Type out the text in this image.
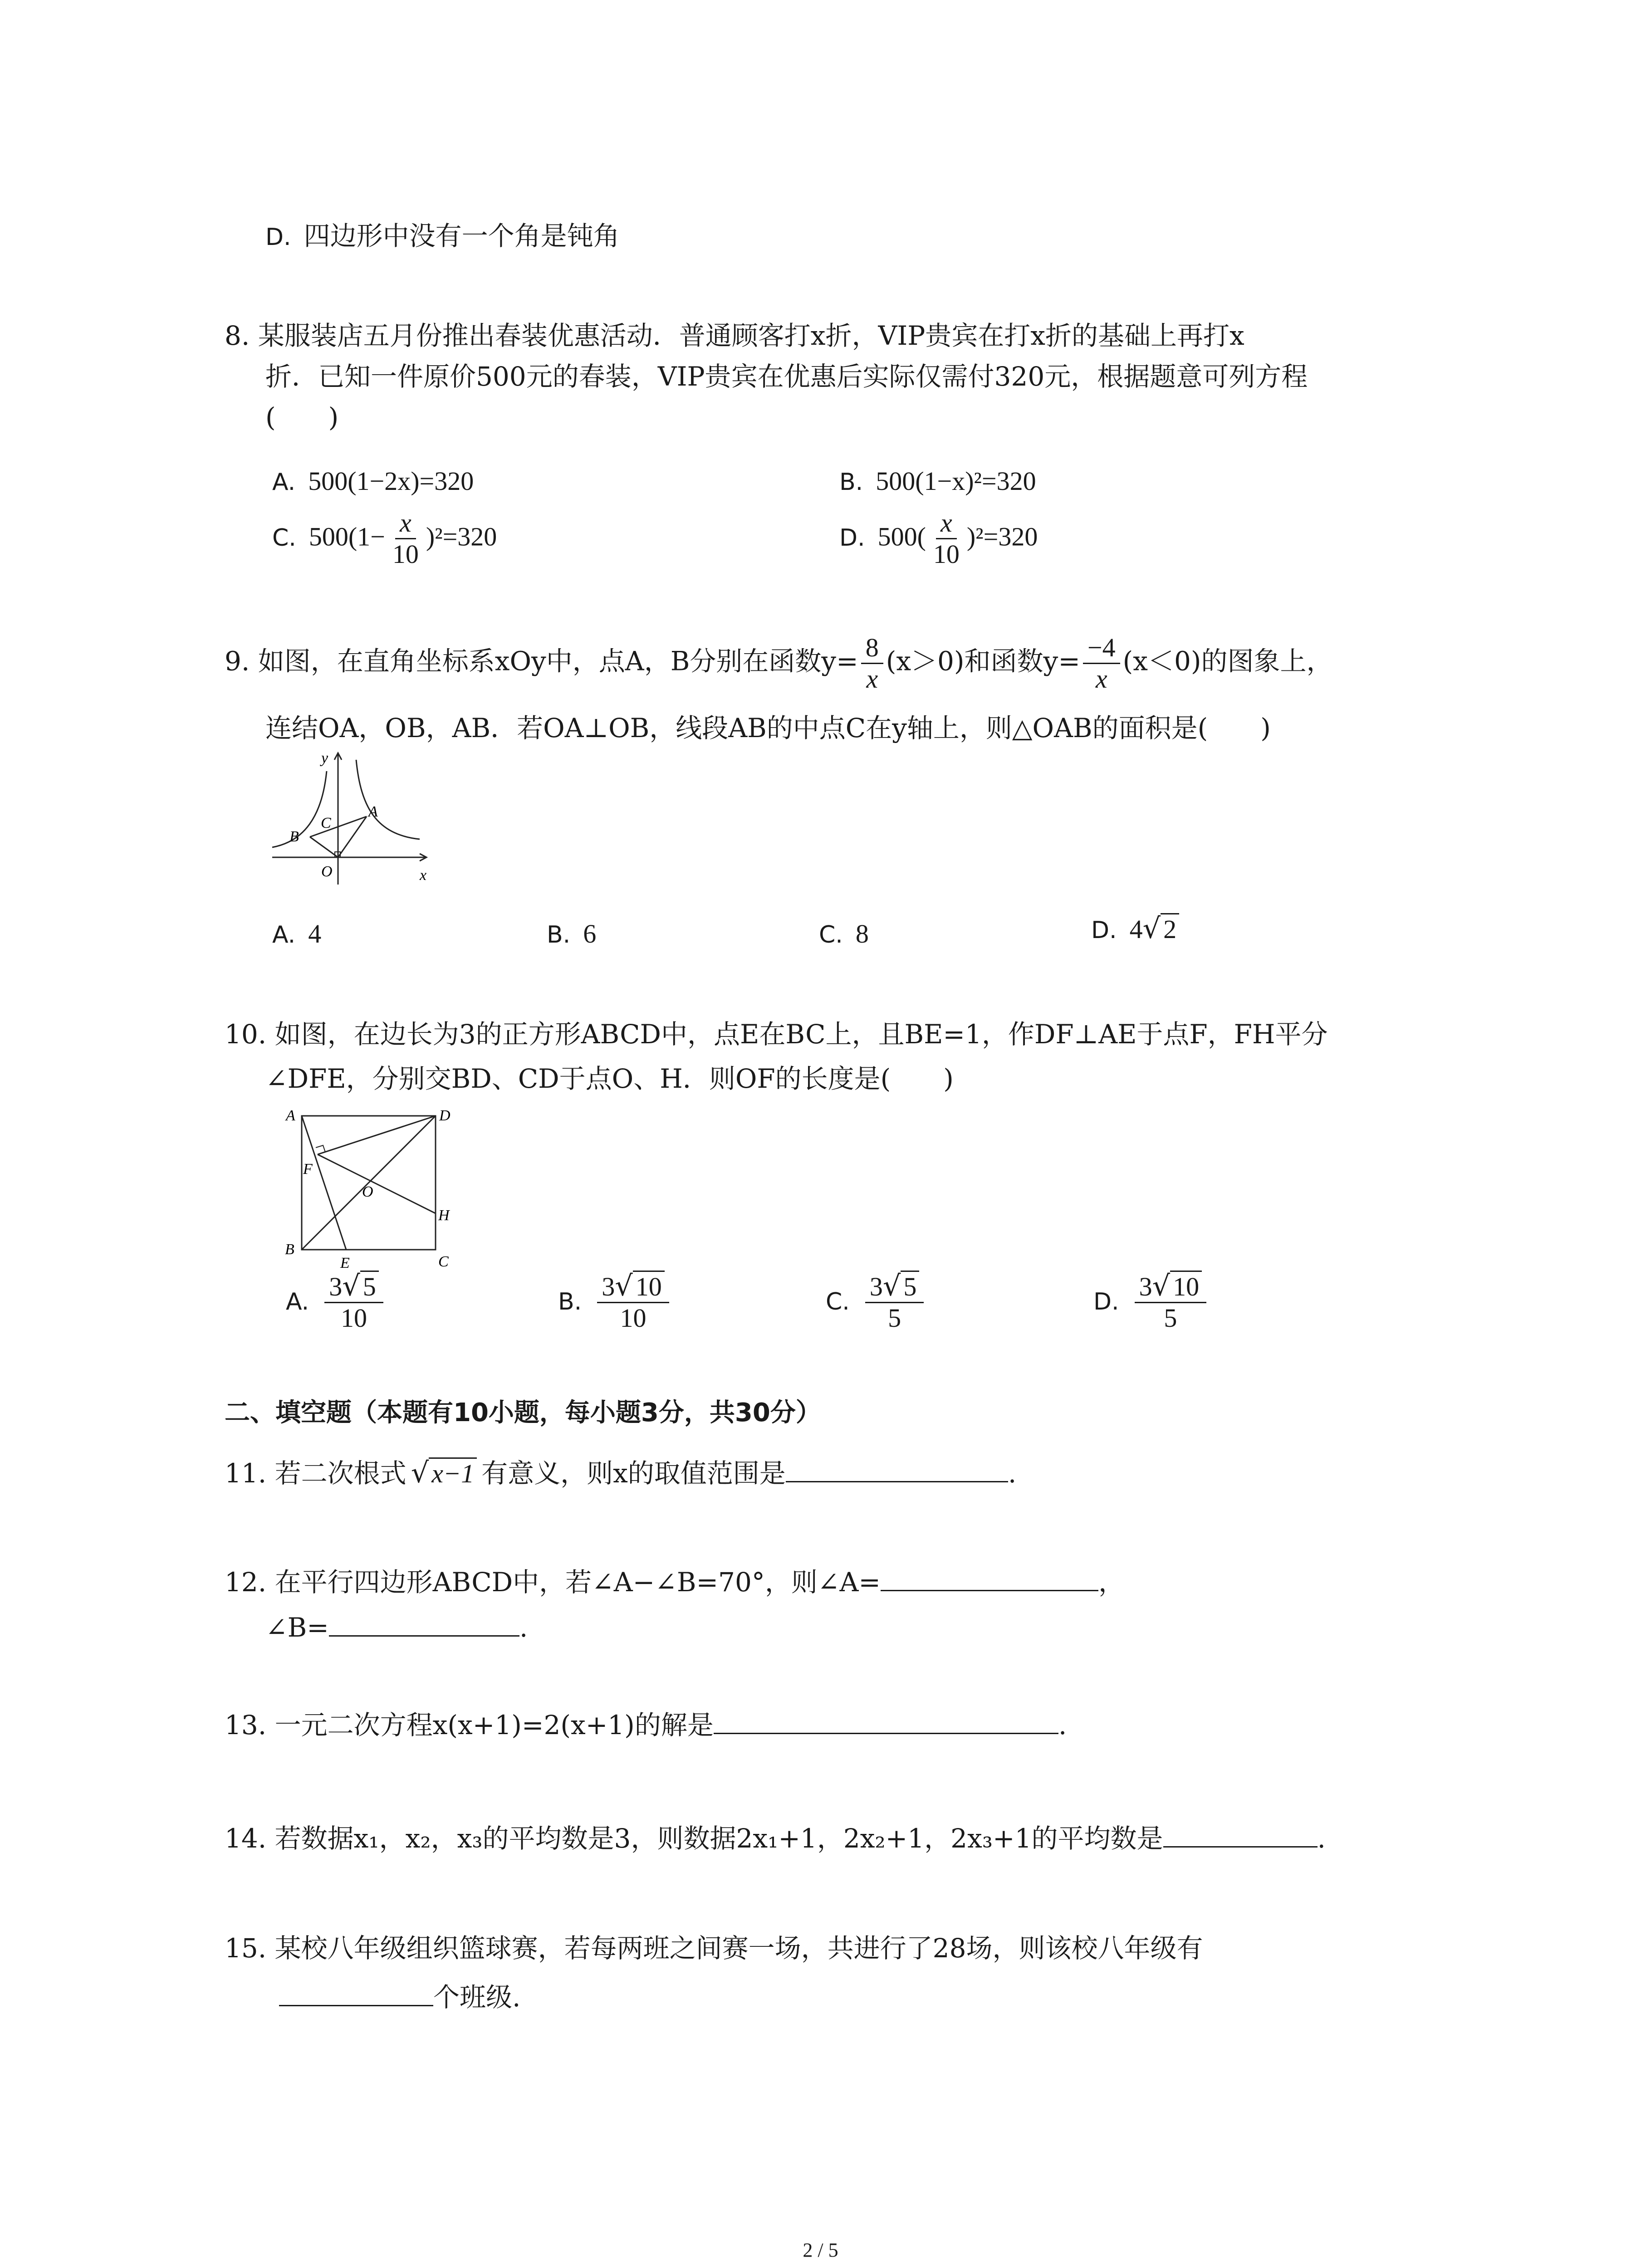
D. 四边形中没有一个角是钝角
8. 某服装店五月份推出春装优惠活动．普通顾客打x折，VIP贵宾在打x折的基础上再打x
折．已知一件原价500元的春装，VIP贵宾在优惠后实际仅需付320元，根据题意可列方程
(　　)
A. 500(1−2x)=320	B. 500(1−x)²=320
C. $500(1- \frac{x}{10} )^2=320$	D. $500( \frac{x}{10} )^2=320$
9. 如图，在直角坐标系xOy中，点A，B分别在函数$y= \frac{8}{x} (x>0)$和函数$y= \frac{-4}{x} (x<0)$的图象上，
连结OA，OB，AB．若OA⊥OB，线段AB的中点C在y轴上，则△OAB的面积是(　　)
y
x
B
C
A
O
A. 4	B. 6	C. 8	D. 4 √ 2
10. 如图，在边长为3的正方形ABCD中，点E在BC上，且BE=1，作DF⊥AE于点F，FH平分
∠DFE，分别交BD、CD于点O、H．则OF的长度是(　　)
A	D
F
O
H
B
E	C
A. $\frac{3 √ 5}{10}$	B. $\frac{3 √ 10}{10}$	C. $\frac{3 √ 5}{5}$	D. $\frac{3 √ 10}{5}$
二、填空题（本题有10小题，每小题3分，共30分）
11. 若二次根式 √ x−1 有意义，则x的取值范围是	.
12. 在平行四边形ABCD中，若∠A−∠B=70°，则∠A=	，
∠B=	.
13. 一元二次方程x(x+1)=2(x+1)的解是	.
14. 若数据x₁，x₂，x₃的平均数是3，则数据2x₁+1，2x₂+1，2x₃+1的平均数是	.
15. 某校八年级组织篮球赛，若每两班之间赛一场，共进行了28场，则该校八年级有
个班级.
2 / 5
